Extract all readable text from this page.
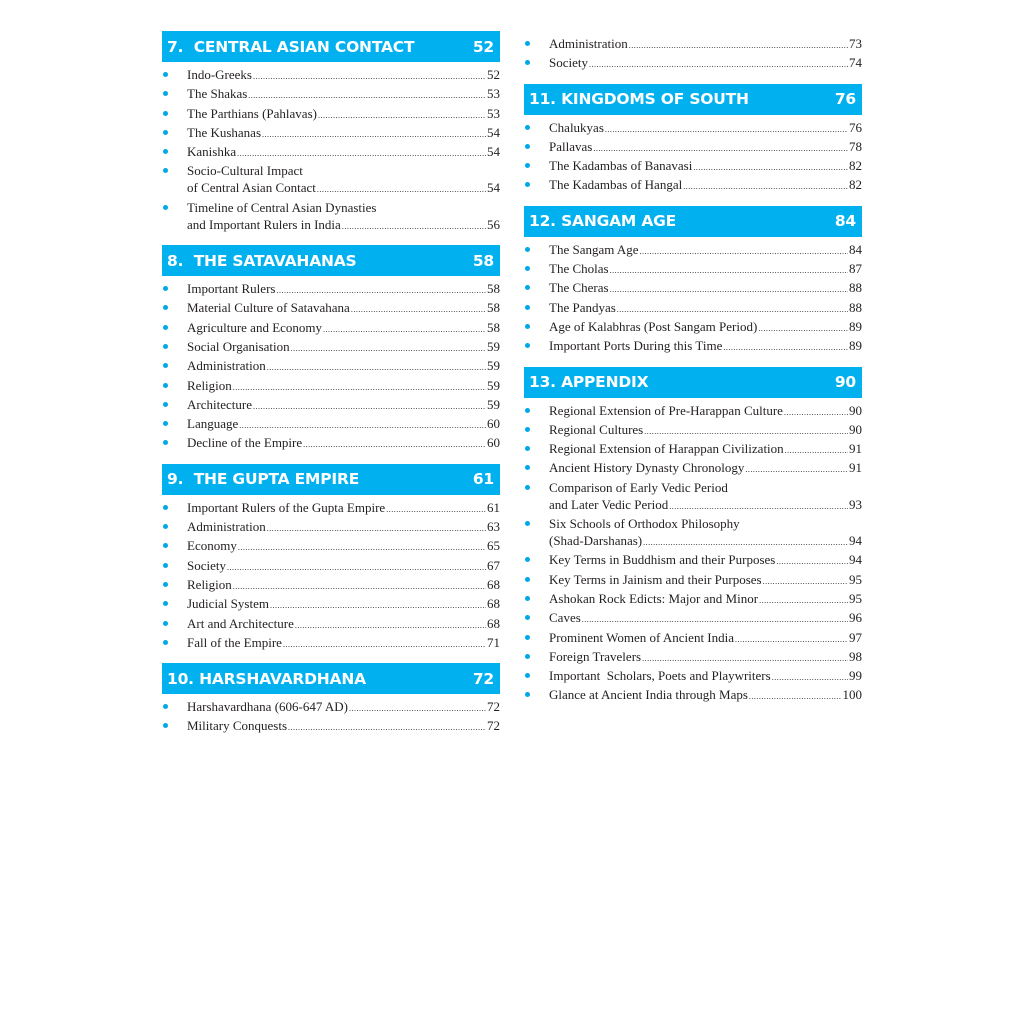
7. CENTRAL ASIAN CONTACT	52
Indo-Greeks .....	52
The Shakas .....	53
The Parthians (Pahlavas) .....	53
The Kushanas .....	54
Kanishka .....	54
Socio-Cultural Impact
of Central Asian Contact .....	54
Timeline of Central Asian Dynasties
and Important Rulers in India .....	56
8. THE SATAVAHANAS	58
Important Rulers .....	58
Material Culture of Satavahana .....	58
Agriculture and Economy .....	58
Social Organisation .....	59
Administration .....	59
Religion .....	59
Architecture .....	59
Language .....	60
Decline of the Empire .....	60
9. THE GUPTA EMPIRE	61
Important Rulers of the Gupta Empire .....	61
Administration .....	63
Economy .....	65
Society .....	67
Religion .....	68
Judicial System .....	68
Art and Architecture .....	68
Fall of the Empire .....	71
10. HARSHAVARDHANA	72
Harshavardhana (606-647 AD) .....	72
Military Conquests .....	72
Administration .....	73
Society .....	74
11. KINGDOMS OF SOUTH	76
Chalukyas .....	76
Pallavas .....	78
The Kadambas of Banavasi .....	82
The Kadambas of Hangal .....	82
12. SANGAM AGE	84
The Sangam Age .....	84
The Cholas .....	87
The Cheras .....	88
The Pandyas .....	88
Age of Kalabhras (Post Sangam Period) .....	89
Important Ports During this Time .....	89
13. APPENDIX	90
Regional Extension of Pre-Harappan Culture .....	90
Regional Cultures .....	90
Regional Extension of Harappan Civilization .....	91
Ancient History Dynasty Chronology .....	91
Comparison of Early Vedic Period
and Later Vedic Period .....	93
Six Schools of Orthodox Philosophy
(Shad-Darshanas) .....	94
Key Terms in Buddhism and their Purposes .....	94
Key Terms in Jainism and their Purposes .....	95
Ashokan Rock Edicts: Major and Minor .....	95
Caves .....	96
Prominent Women of Ancient India .....	97
Foreign Travelers .....	98
Important  Scholars, Poets and Playwriters .....	99
Glance at Ancient India through Maps .....	100
